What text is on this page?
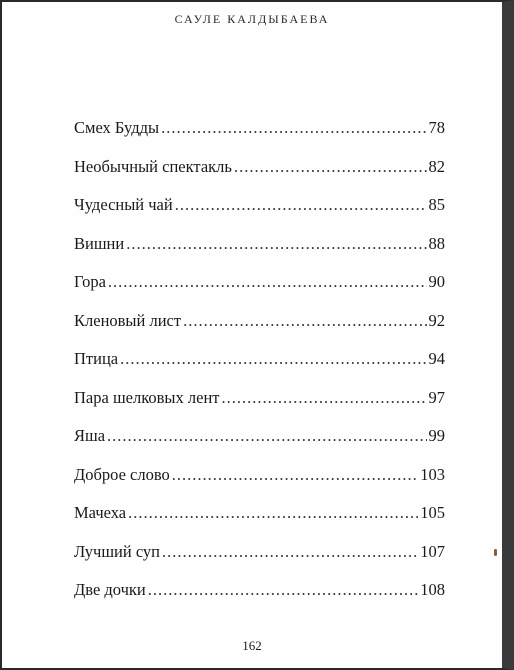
САУЛЕ КАЛДЫБАЕВА
Смех Будды .....	78
Необычный спектакль .....	82
Чудесный чай .....	85
Вишни .....	88
Гора .....	90
Кленовый лист .....	92
Птица .....	94
Пара шелковых лент .....	97
Яша .....	99
Доброе слово .....	103
Мачеха .....	105
Лучший суп .....	107
Две дочки .....	108
162
